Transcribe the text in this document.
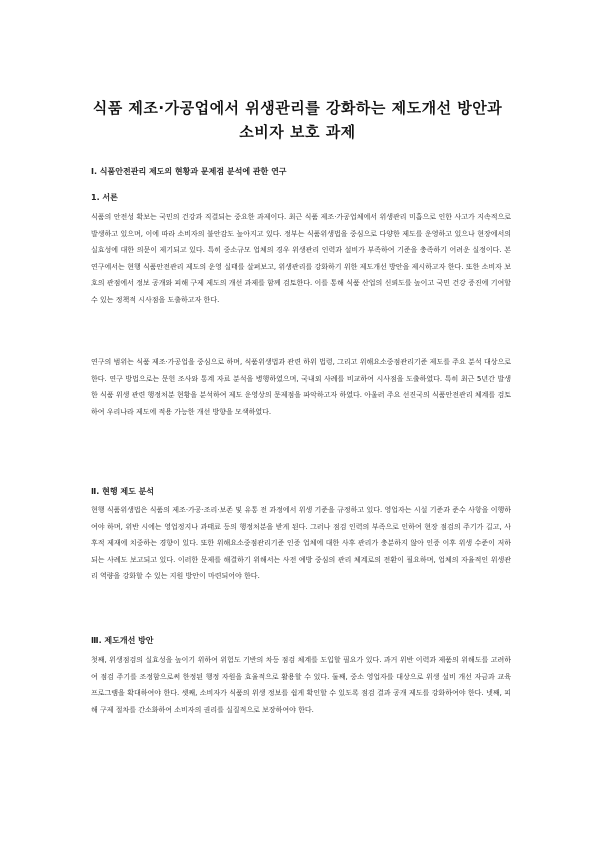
식품 제조·가공업에서 위생관리를 강화하는 제도개선 방안과
소비자 보호 과제
Ⅰ. 식품안전관리 제도의 현황과 문제점 분석에 관한 연구
1. 서론
식품의 안전성 확보는 국민의 건강과 직결되는 중요한 과제이다. 최근 식품 제조·가공업체에서 위생관리 미흡으로 인한 사고가 지속적으로 발생하고 있으며, 이에 따라 소비자의 불안감도 높아지고 있다. 정부는 식품위생법을 중심으로 다양한 제도를 운영하고 있으나 현장에서의 실효성에 대한 의문이 제기되고 있다. 특히 중소규모 업체의 경우 위생관리 인력과 설비가 부족하여 기준을 충족하기 어려운 실정이다. 본 연구에서는 현행 식품안전관리 제도의 운영 실태를 살펴보고, 위생관리를 강화하기 위한 제도개선 방안을 제시하고자 한다. 또한 소비자 보호의 관점에서 정보 공개와 피해 구제 제도의 개선 과제를 함께 검토한다. 이를 통해 식품 산업의 신뢰도를 높이고 국민 건강 증진에 기여할 수 있는 정책적 시사점을 도출하고자 한다.
연구의 범위는 식품 제조·가공업을 중심으로 하며, 식품위생법과 관련 하위 법령, 그리고 위해요소중점관리기준 제도를 주요 분석 대상으로 한다. 연구 방법으로는 문헌 조사와 통계 자료 분석을 병행하였으며, 국내외 사례를 비교하여 시사점을 도출하였다. 특히 최근 5년간 발생한 식품 위생 관련 행정처분 현황을 분석하여 제도 운영상의 문제점을 파악하고자 하였다. 아울러 주요 선진국의 식품안전관리 체계를 검토하여 우리나라 제도에 적용 가능한 개선 방향을 모색하였다.
Ⅱ. 현행 제도 분석
현행 식품위생법은 식품의 제조·가공·조리·보존 및 유통 전 과정에서 위생 기준을 규정하고 있다. 영업자는 시설 기준과 준수 사항을 이행하여야 하며, 위반 시에는 영업정지나 과태료 등의 행정처분을 받게 된다. 그러나 점검 인력의 부족으로 인하여 현장 점검의 주기가 길고, 사후적 제재에 치중하는 경향이 있다. 또한 위해요소중점관리기준 인증 업체에 대한 사후 관리가 충분하지 않아 인증 이후 위생 수준이 저하되는 사례도 보고되고 있다. 이러한 문제를 해결하기 위해서는 사전 예방 중심의 관리 체계로의 전환이 필요하며, 업체의 자율적인 위생관리 역량을 강화할 수 있는 지원 방안이 마련되어야 한다.
Ⅲ. 제도개선 방안
첫째, 위생점검의 실효성을 높이기 위하여 위험도 기반의 차등 점검 체계를 도입할 필요가 있다. 과거 위반 이력과 제품의 위해도를 고려하여 점검 주기를 조정함으로써 한정된 행정 자원을 효율적으로 활용할 수 있다. 둘째, 중소 영업자를 대상으로 위생 설비 개선 자금과 교육 프로그램을 확대하여야 한다. 셋째, 소비자가 식품의 위생 정보를 쉽게 확인할 수 있도록 점검 결과 공개 제도를 강화하여야 한다. 넷째, 피해 구제 절차를 간소화하여 소비자의 권리를 실질적으로 보장하여야 한다.
